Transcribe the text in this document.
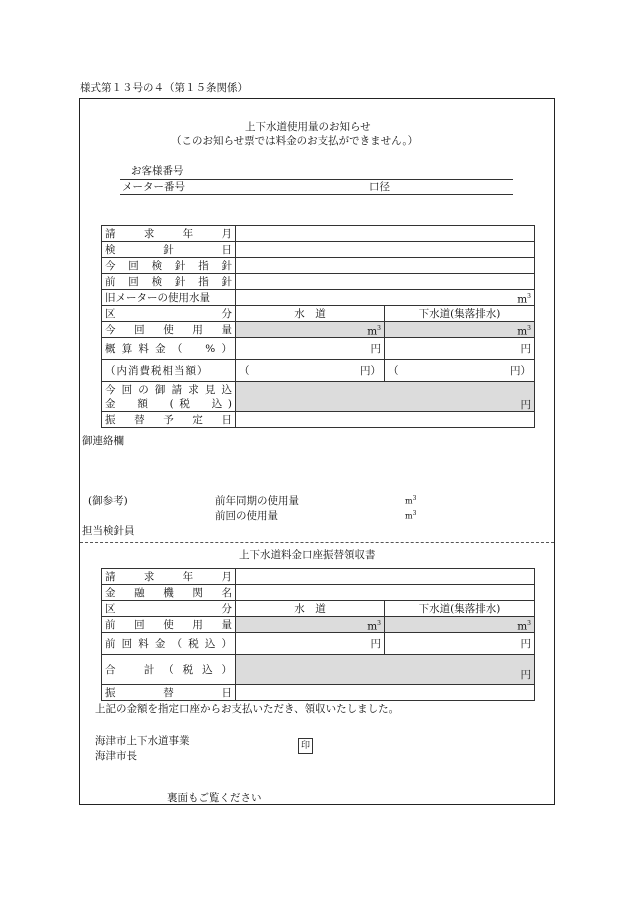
様式第１３号の４（第１５条関係）
上下水道使用量のお知らせ
（このお知らせ票では料金のお支払ができません。）
お客様番号
メーター番号	口径
請　求　年　月		
検　針　日		
今回検針指針		
前回検針指針		
旧メーターの使用水量	$m^3$
区　分	水　道	下水道(集落排水)
今　回　使　用　量	$m^3$	$m^3$
概算料金（　%）	円	円
（内消費税相当額）	（ 円）	（ 円）

今回の御請求見込
金　額　(税　込)	円	
振　替　予　定　日		
御連絡欄
(御参考)	前年同期の使用量	$m^3$
前回の使用量	$m^3$
担当検針員
上下水道料金口座振替領収書
請　求　年　月		
金　融　機　関　名		
区　分	水　道	下水道(集落排水)
前　回　使　用　量	$m^3$	$m^3$
前回料金（税込）	円	円
合　計（税込）	円	
振　替　日		
上記の金額を指定口座からお支払いただき、領収いたしました。
海津市上下水道事業
海津市長
印
裏面もご覧ください
